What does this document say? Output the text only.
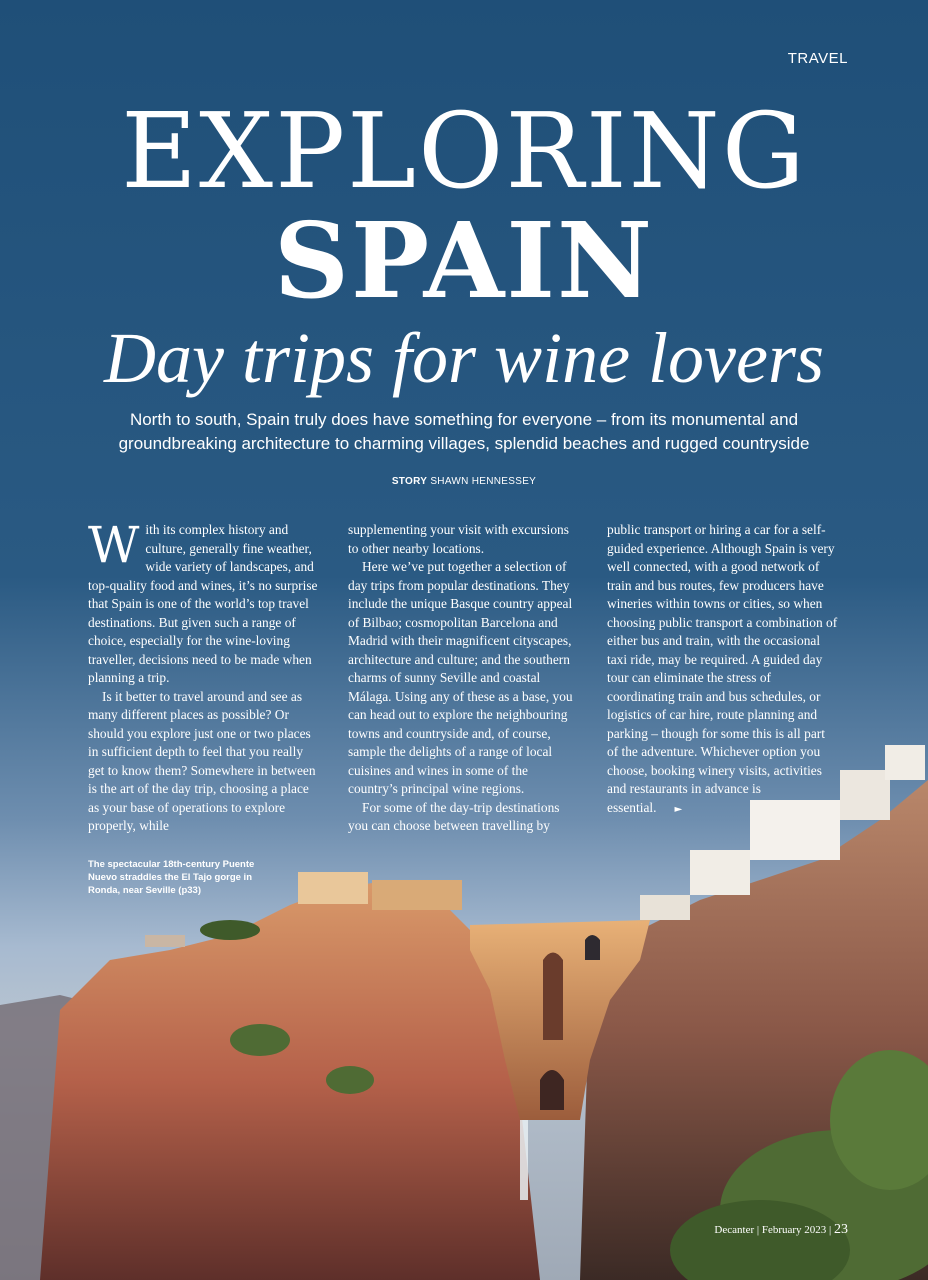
TRAVEL
EXPLORING
SPAIN
Day trips for wine lovers
North to south, Spain truly does have something for everyone – from its monumental and groundbreaking architecture to charming villages, splendid beaches and rugged countryside
STORY SHAWN HENNESSEY

With its complex history and culture, generally fine weather, wide variety of landscapes, and top-quality food and wines, it’s no surprise that Spain is one of the world’s top travel destinations. But given such a range of choice, especially for the wine-loving traveller, decisions need to be made when planning a trip.

Is it better to travel around and see as many different places as possible? Or should you explore just one or two places in sufficient depth to feel that you really get to know them? Somewhere in between is the art of the day trip, choosing a place as your base of operations to explore properly, while

supplementing your visit with excursions to other nearby locations.

Here we’ve put together a selection of day trips from popular destinations. They include the unique Basque country appeal of Bilbao; cosmopolitan Barcelona and Madrid with their magnificent cityscapes, architecture and culture; and the southern charms of sunny Seville and coastal Málaga. Using any of these as a base, you can head out to explore the neighbouring towns and countryside and, of course, sample the delights of a range of local cuisines and wines in some of the country’s principal wine regions.

For some of the day-trip destinations you can choose between travelling by

public transport or hiring a car for a self-guided experience. Although Spain is very well connected, with a good network of train and bus routes, few producers have wineries within towns or cities, so when choosing public transport a combination of either bus and train, with the occasional taxi ride, may be required. A guided day tour can eliminate the stress of coordinating train and bus schedules, or logistics of car hire, route planning and parking – though for some this is all part of the adventure. Whichever option you choose, booking winery visits, activities and restaurants in advance is essential. ►

The spectacular 18th-century Puente Nuevo straddles the El Tajo gorge in Ronda, near Seville (p33)
Decanter | February 2023 | 23
